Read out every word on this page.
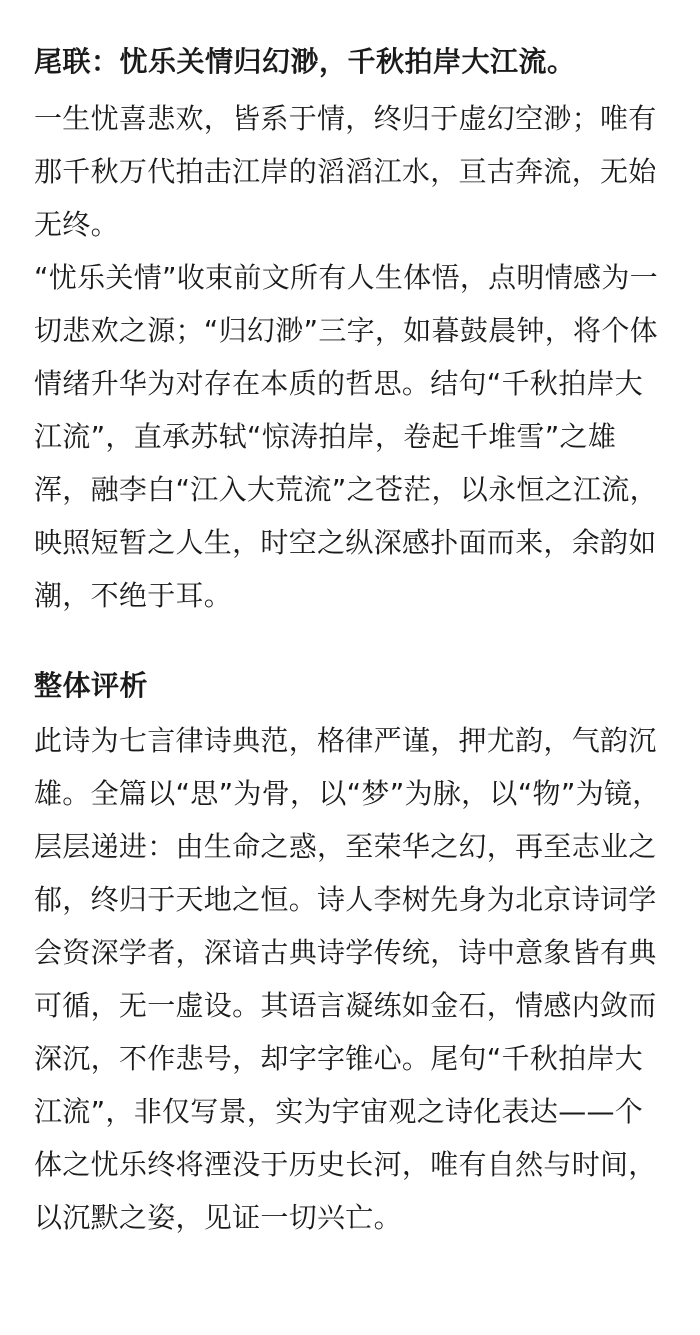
尾联：忧乐关情归幻渺，千秋拍岸大江流。

一生忧喜悲欢，皆系于情，终归于虚幻空渺；唯有那千秋万代拍击江岸的滔滔江水，亘古奔流，无始无终。

“忧乐关情”收束前文所有人生体悟，点明情感为一切悲欢之源；“归幻渺”三字，如暮鼓晨钟，将个体情绪升华为对存在本质的哲思。结句“千秋拍岸大江流”，直承苏轼“惊涛拍岸，卷起千堆雪”之雄浑，融李白“江入大荒流”之苍茫，以永恒之江流，映照短暂之人生，时空之纵深感扑面而来，余韵如潮，不绝于耳。

整体评析

此诗为七言律诗典范，格律严谨，押尤韵，气韵沉雄。全篇以“思”为骨，以“梦”为脉，以“物”为镜，层层递进：由生命之惑，至荣华之幻，再至志业之郁，终归于天地之恒。诗人李树先身为北京诗词学会资深学者，深谙古典诗学传统，诗中意象皆有典可循，无一虚设。其语言凝练如金石，情感内敛而深沉，不作悲号，却字字锥心。尾句“千秋拍岸大江流”，非仅写景，实为宇宙观之诗化表达——个体之忧乐终将湮没于历史长河，唯有自然与时间，以沉默之姿，见证一切兴亡。
